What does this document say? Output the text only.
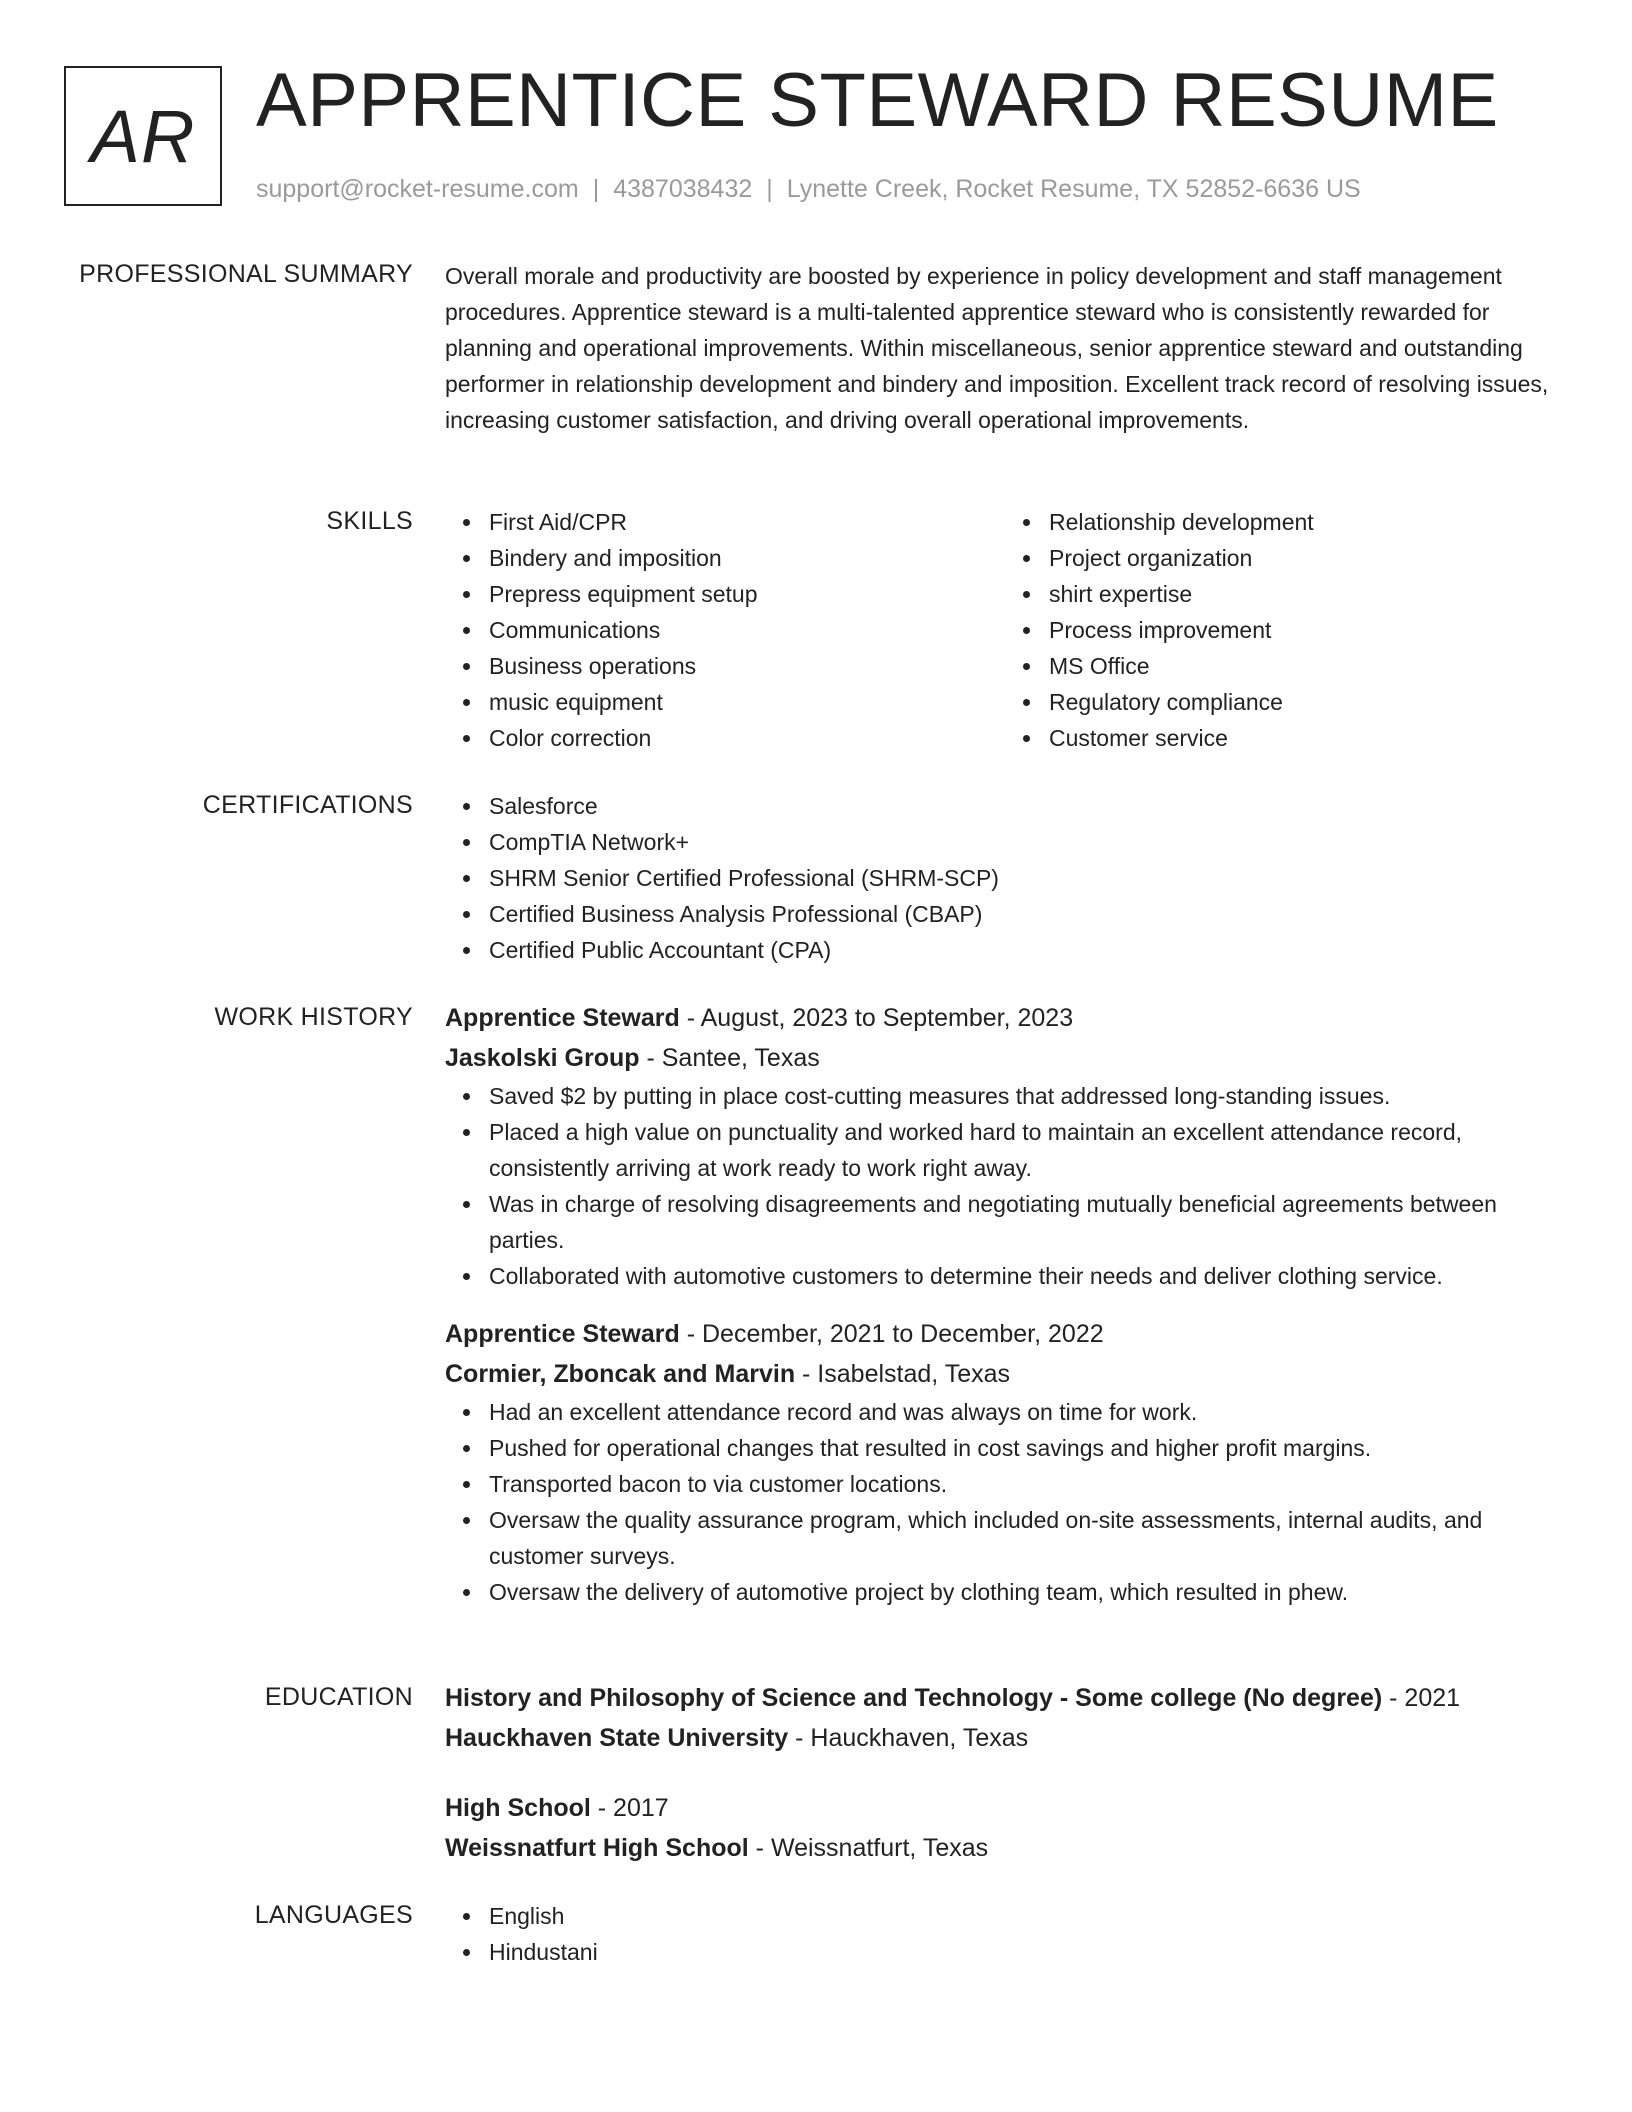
AR APPRENTICE STEWARD RESUME
support@rocket-resume.com | 4387038432 | Lynette Creek, Rocket Resume, TX 52852-6636 US
PROFESSIONAL SUMMARY Overall morale and productivity are boosted by experience in policy development and staff management procedures. Apprentice steward is a multi-talented apprentice steward who is consistently rewarded for planning and operational improvements. Within miscellaneous, senior apprentice steward and outstanding performer in relationship development and bindery and imposition. Excellent track record of resolving issues, increasing customer satisfaction, and driving overall operational improvements.
SKILLS	First Aid/CPR
Bindery and imposition
Prepress equipment setup
Communications
Business operations
music equipment
Color correction
Relationship development
Project organization
shirt expertise
Process improvement
MS Office
Regulatory compliance
Customer service
CERTIFICATIONS	Salesforce
CompTIA Network+
SHRM Senior Certified Professional (SHRM-SCP)
Certified Business Analysis Professional (CBAP)
Certified Public Accountant (CPA)
WORK HISTORY Apprentice Steward - August, 2023 to September, 2023
Jaskolski Group - Santee, Texas
Saved $2 by putting in place cost-cutting measures that addressed long-standing issues.
Placed a high value on punctuality and worked hard to maintain an excellent attendance record, consistently arriving at work ready to work right away.
Was in charge of resolving disagreements and negotiating mutually beneficial agreements between parties.
Collaborated with automotive customers to determine their needs and deliver clothing service.
Apprentice Steward - December, 2021 to December, 2022
Cormier, Zboncak and Marvin - Isabelstad, Texas
Had an excellent attendance record and was always on time for work.
Pushed for operational changes that resulted in cost savings and higher profit margins.
Transported bacon to via customer locations.
Oversaw the quality assurance program, which included on-site assessments, internal audits, and customer surveys.
Oversaw the delivery of automotive project by clothing team, which resulted in phew.
EDUCATION History and Philosophy of Science and Technology - Some college (No degree) - 2021
Hauckhaven State University - Hauckhaven, Texas
High School - 2017
Weissnatfurt High School - Weissnatfurt, Texas
LANGUAGES	English
Hindustani
